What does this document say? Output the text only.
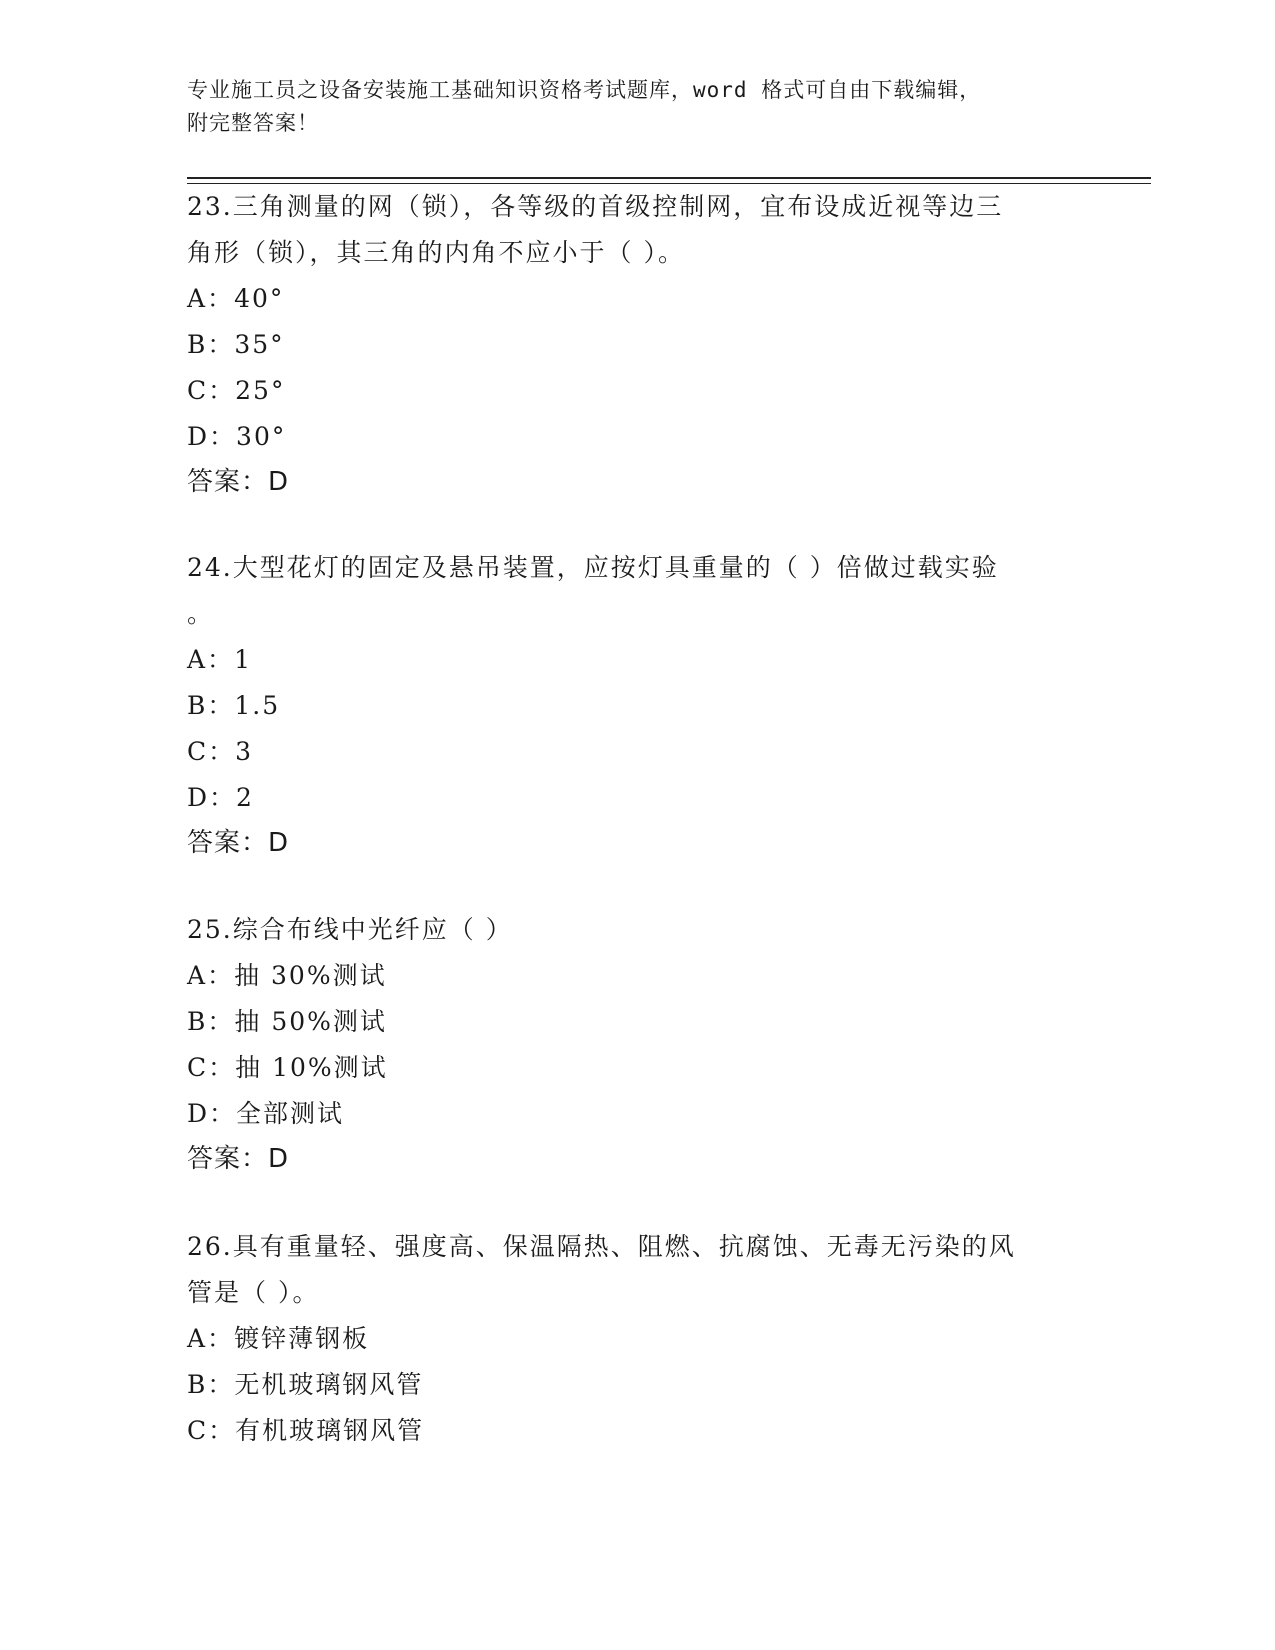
专业施工员之设备安装施工基础知识资格考试题库，word 格式可自由下载编辑，
附完整答案！
23.三角测量的网（锁），各等级的首级控制网，宜布设成近视等边三
角形（锁），其三角的内角不应小于（ ）。
A：40°
B：35°
C：25°
D：30°
答案：D
24.大型花灯的固定及悬吊装置，应按灯具重量的（ ）倍做过载实验
。
A：1
B：1.5
C：3
D：2
答案：D
25.综合布线中光纤应（ ）
A：抽 30%测试
B：抽 50%测试
C：抽 10%测试
D：全部测试
答案：D
26.具有重量轻、强度高、保温隔热、阻燃、抗腐蚀、无毒无污染的风
管是（ ）。
A：镀锌薄钢板
B：无机玻璃钢风管
C：有机玻璃钢风管
